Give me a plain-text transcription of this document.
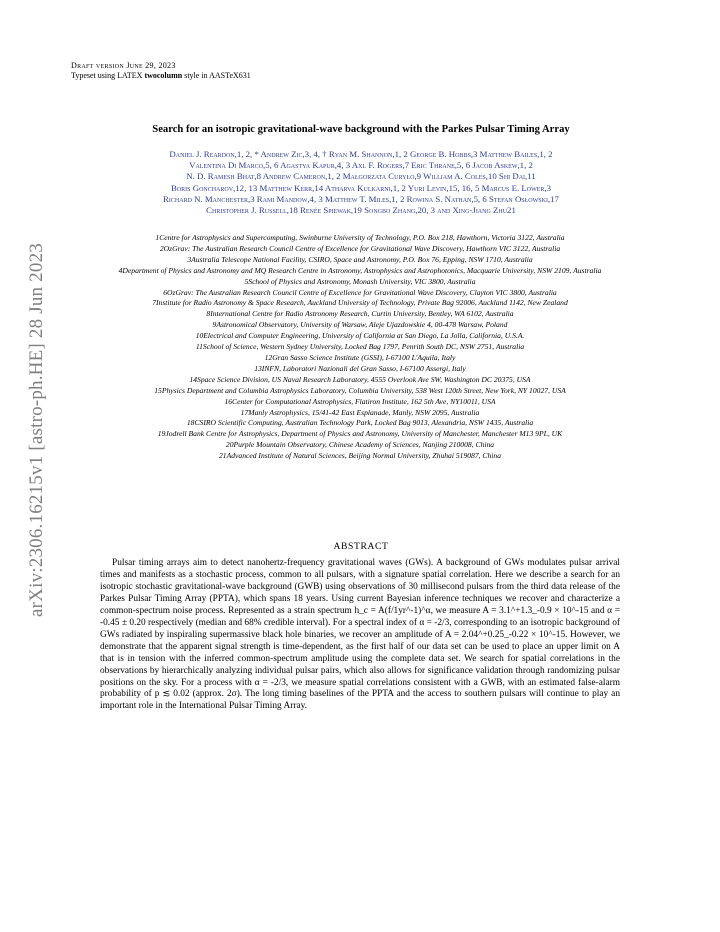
arXiv:2306.16215v1 [astro-ph.HE] 28 Jun 2023
Draft version June 29, 2023
Typeset using LATEX twocolumn style in AASTeX631
Search for an isotropic gravitational-wave background with the Parkes Pulsar Timing Array
Daniel J. Reardon,1, 2, * Andrew Zic,3, 4, † Ryan M. Shannon,1, 2 George B. Hobbs,3 Matthew Bailes,1, 2
Valentina Di Marco,5, 6 Agastya Kapur,4, 3 Axl F. Rogers,7 Eric Thrane,5, 6 Jacob Askew,1, 2
N. D. Ramesh Bhat,8 Andrew Cameron,1, 2 Małgorzata Curyło,9 William A. Coles,10 Shi Dai,11
Boris Goncharov,12, 13 Matthew Kerr,14 Atharva Kulkarni,1, 2 Yuri Levin,15, 16, 5 Marcus E. Lower,3
Richard N. Manchester,3 Rami Mandow,4, 3 Matthew T. Miles,1, 2 Rowina S. Nathan,5, 6 Stefan Osłowski,17
Christopher J. Russell,18 Renée Spiewak,19 Songbo Zhang,20, 3 and Xing-Jiang Zhu21
1Centre for Astrophysics and Supercomputing, Swinburne University of Technology, P.O. Box 218, Hawthorn, Victoria 3122, Australia
2OzGrav: The Australian Research Council Centre of Excellence for Gravitational Wave Discovery, Hawthorn VIC 3122, Australia
3Australia Telescope National Facility, CSIRO, Space and Astronomy, P.O. Box 76, Epping, NSW 1710, Australia
4Department of Physics and Astronomy and MQ Research Centre in Astronomy, Astrophysics and Astrophotonics, Macquarie University, NSW 2109, Australia
5School of Physics and Astronomy, Monash University, VIC 3800, Australia
6OzGrav: The Australian Research Council Centre of Excellence for Gravitational Wave Discovery, Clayton VIC 3800, Australia
7Institute for Radio Astronomy & Space Research, Auckland University of Technology, Private Bag 92006, Auckland 1142, New Zealand
8International Centre for Radio Astronomy Research, Curtin University, Bentley, WA 6102, Australia
9Astronomical Observatory, University of Warsaw, Aleje Ujazdowskie 4, 00-478 Warsaw, Poland
10Electrical and Computer Engineering, University of California at San Diego, La Jolla, California, U.S.A.
11School of Science, Western Sydney University, Locked Bag 1797, Penrith South DC, NSW 2751, Australia
12Gran Sasso Science Institute (GSSI), I-67100 L'Aquila, Italy
13INFN, Laboratori Nazionali del Gran Sasso, I-67100 Assergi, Italy
14Space Science Division, US Naval Research Laboratory, 4555 Overlook Ave SW, Washington DC 20375, USA
15Physics Department and Columbia Astrophysics Laboratory, Columbia University, 538 West 120th Street, New York, NY 10027, USA
16Center for Computational Astrophysics, Flatiron Institute, 162 5th Ave, NY10011, USA
17Manly Astrophysics, 15/41-42 East Esplanade, Manly, NSW 2095, Australia
18CSIRO Scientific Computing, Australian Technology Park, Locked Bag 9013, Alexandria, NSW 1435, Australia
19Jodrell Bank Centre for Astrophysics, Department of Physics and Astronomy, University of Manchester, Manchester M13 9PL, UK
20Purple Mountain Observatory, Chinese Academy of Sciences, Nanjing 210008, China
21Advanced Institute of Natural Sciences, Beijing Normal University, Zhuhai 519087, China
ABSTRACT

Pulsar timing arrays aim to detect nanohertz-frequency gravitational waves (GWs). A background of GWs modulates pulsar arrival times and manifests as a stochastic process, common to all pulsars, with a signature spatial correlation. Here we describe a search for an isotropic stochastic gravitational-wave background (GWB) using observations of 30 millisecond pulsars from the third data release of the Parkes Pulsar Timing Array (PPTA), which spans 18 years. Using current Bayesian inference techniques we recover and characterize a common-spectrum noise process. Represented as a strain spectrum h_c = A(f/1yr^-1)^α, we measure A = 3.1^+1.3_-0.9 × 10^-15 and α = -0.45 ± 0.20 respectively (median and 68% credible interval). For a spectral index of α = -2/3, corresponding to an isotropic background of GWs radiated by inspiraling supermassive black hole binaries, we recover an amplitude of A = 2.04^+0.25_-0.22 × 10^-15. However, we demonstrate that the apparent signal strength is time-dependent, as the first half of our data set can be used to place an upper limit on A that is in tension with the inferred common-spectrum amplitude using the complete data set. We search for spatial correlations in the observations by hierarchically analyzing individual pulsar pairs, which also allows for significance validation through randomizing pulsar positions on the sky. For a process with α = -2/3, we measure spatial correlations consistent with a GWB, with an estimated false-alarm probability of p ≲ 0.02 (approx. 2σ). The long timing baselines of the PPTA and the access to southern pulsars will continue to play an important role in the International Pulsar Timing Array.
